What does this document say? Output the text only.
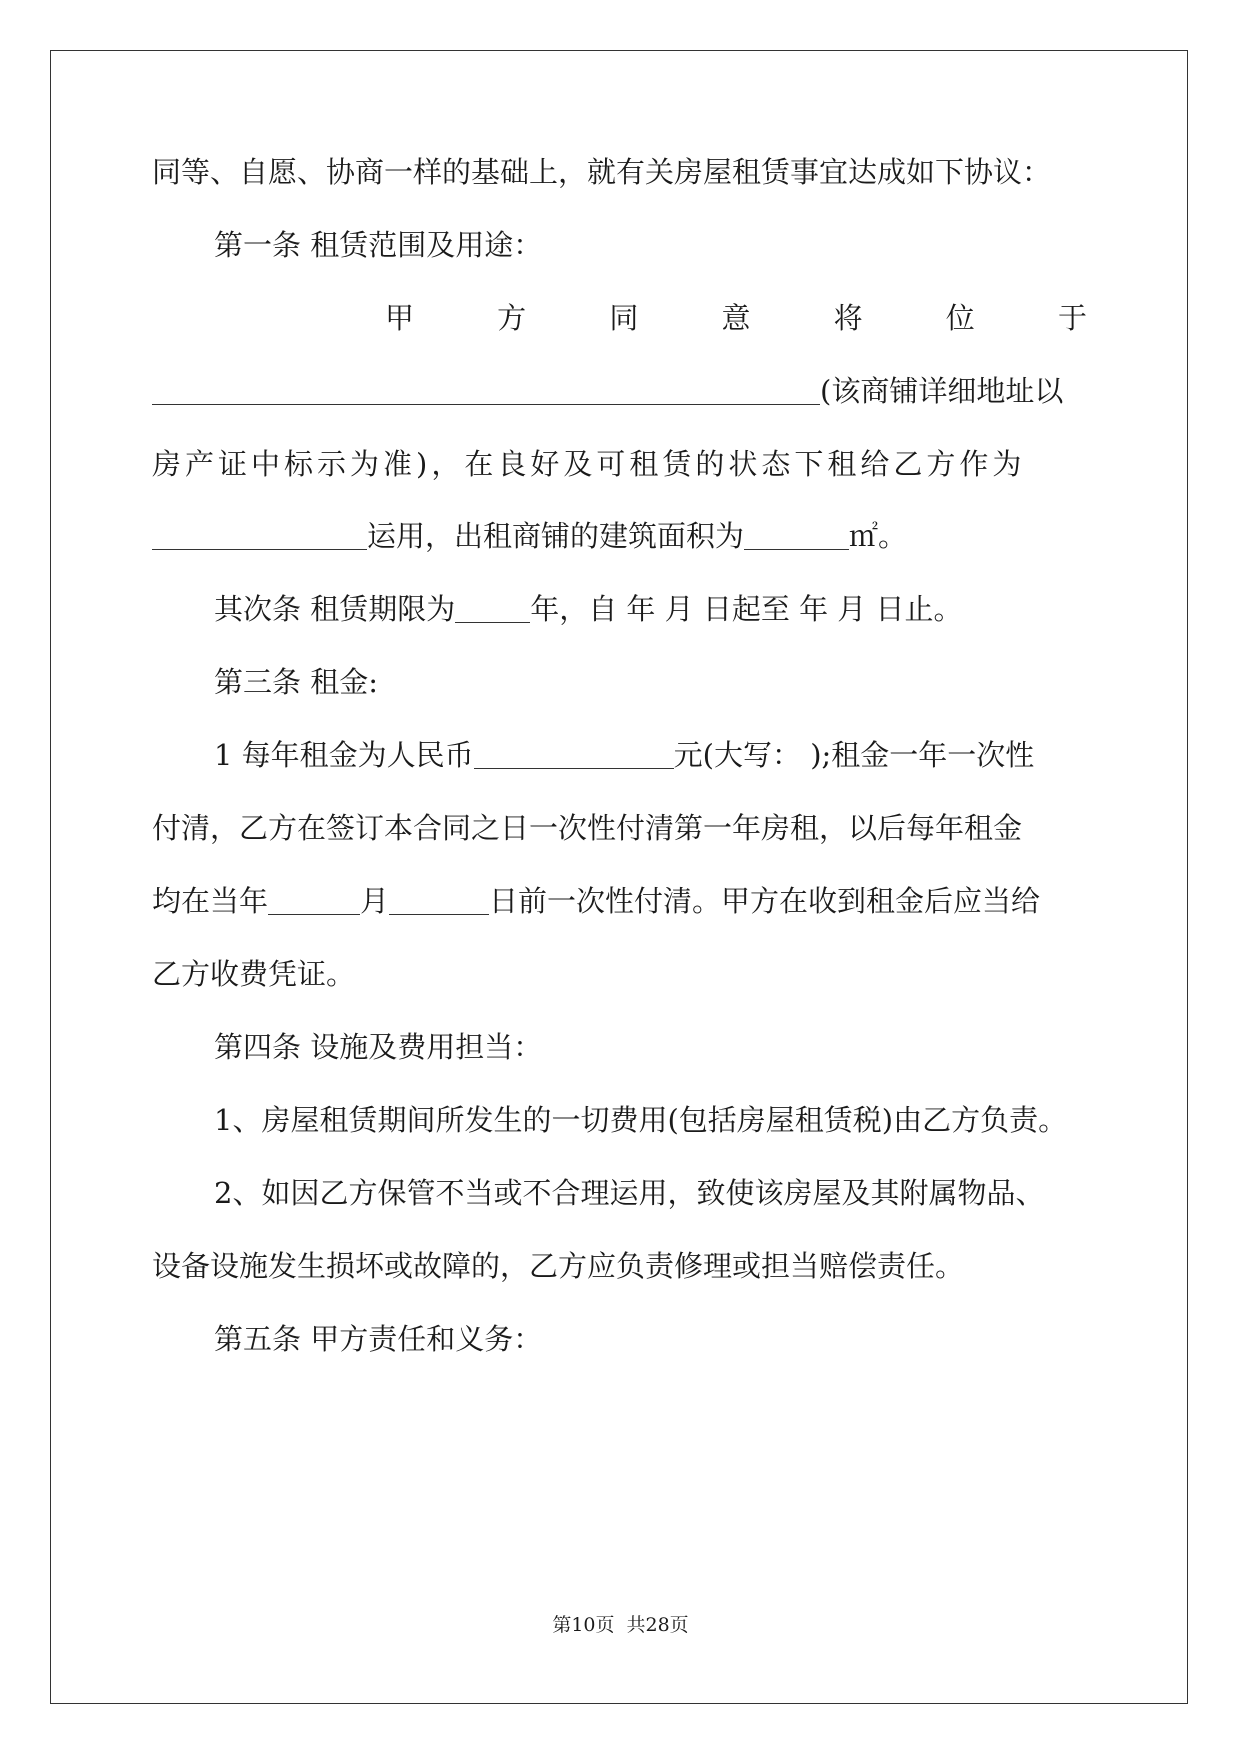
同等、自愿、协商一样的基础上，就有关房屋租赁事宜达成如下协议：
第一条 租赁范围及用途：
甲	方	同	意	将	位	于
(该商铺详细地址以
房产证中标示为准)，在良好及可租赁的状态下租给乙方作为
运用，出租商铺的建筑面积为	㎡。
其次条 租赁期限为	年，自 年 月 日起至 年 月 日止。
第三条 租金:
1 每年租金为人民币	元(大写： );租金一年一次性
付清，乙方在签订本合同之日一次性付清第一年房租，以后每年租金
均在当年	月	日前一次性付清。甲方在收到租金后应当给
乙方收费凭证。
第四条 设施及费用担当：
1、房屋租赁期间所发生的一切费用(包括房屋租赁税)由乙方负责。
2、如因乙方保管不当或不合理运用，致使该房屋及其附属物品、
设备设施发生损坏或故障的，乙方应负责修理或担当赔偿责任。
第五条 甲方责任和义务：
第10页 共28页
